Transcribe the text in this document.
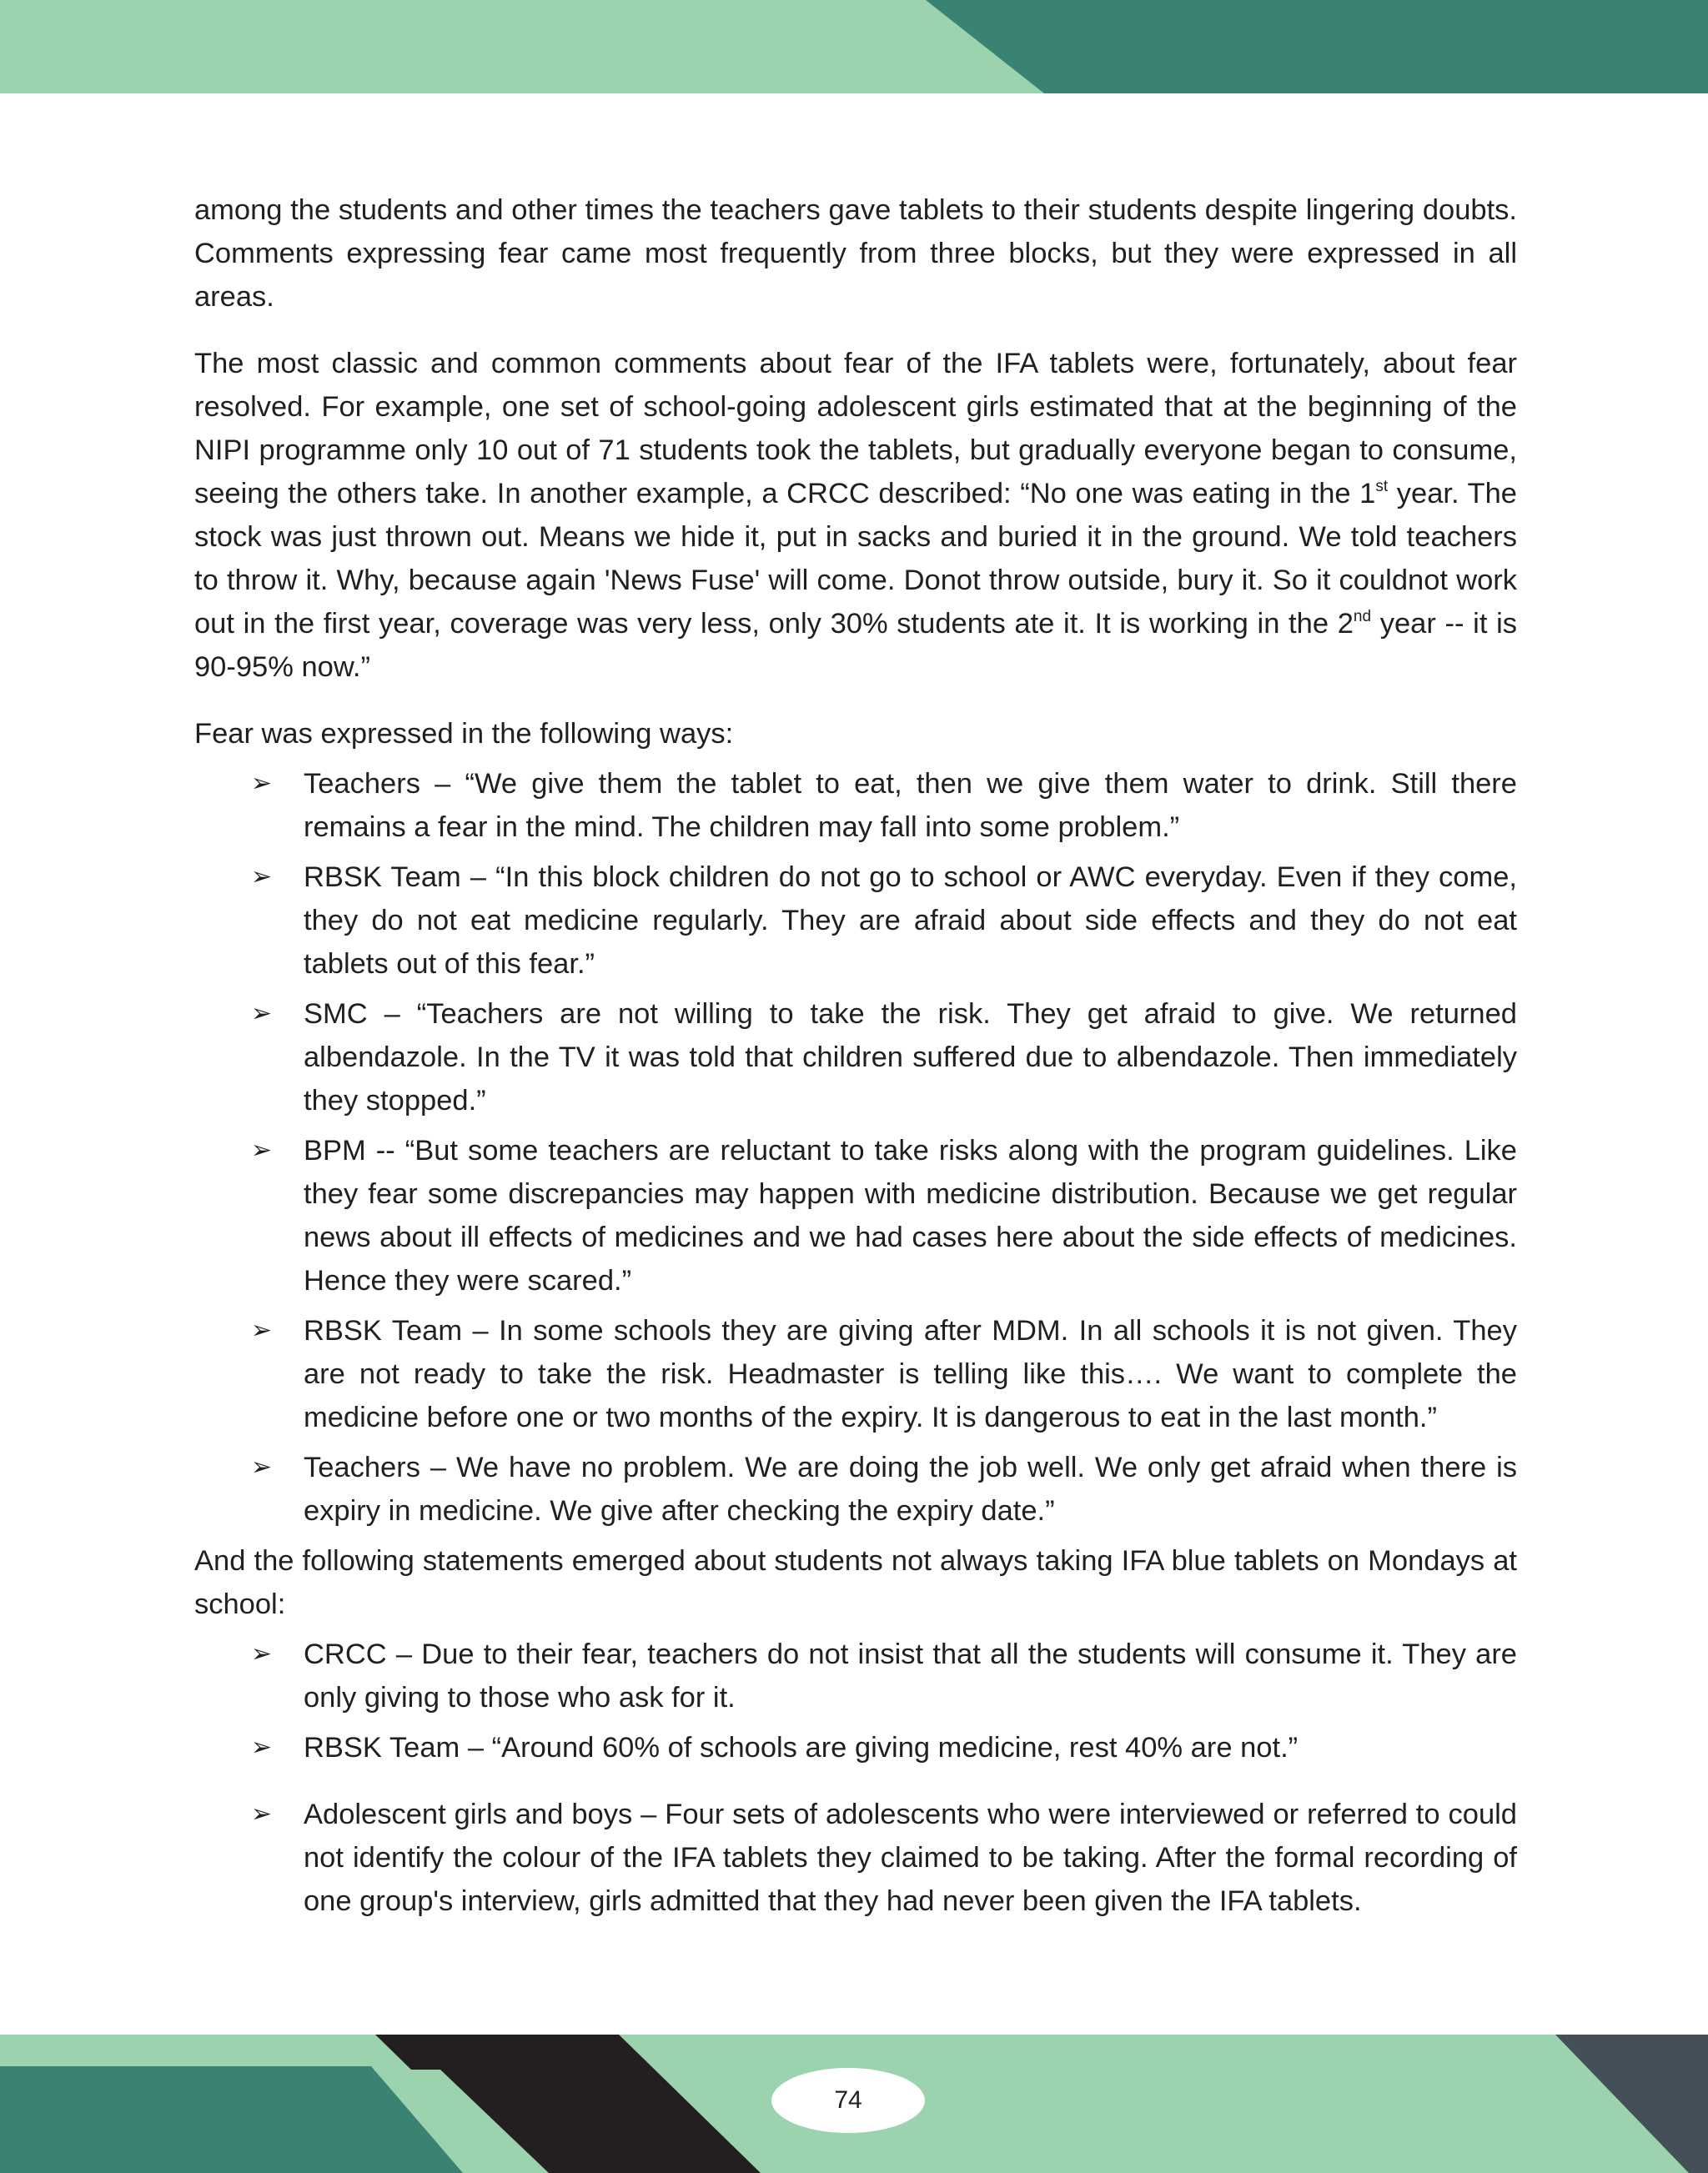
among the students and other times the teachers gave tablets to their students despite lingering doubts. Comments expressing fear came most frequently from three blocks, but they were expressed in all areas.

The most classic and common comments about fear of the IFA tablets were, fortunately, about fear resolved. For example, one set of school-going adolescent girls estimated that at the beginning of the NIPI programme only 10 out of 71 students took the tablets, but gradually everyone began to consume, seeing the others take. In another example, a CRCC described: “No one was eating in the 1st year. The stock was just thrown out. Means we hide it, put in sacks and buried it in the ground. We told teachers to throw it. Why, because again 'News Fuse' will come. Donot throw outside, bury it. So it couldnot work out in the first year, coverage was very less, only 30% students ate it. It is working in the 2nd year -- it is 90-95% now.”

Fear was expressed in the following ways:

➢	Teachers – “We give them the tablet to eat, then we give them water to drink. Still there remains a fear in the mind. The children may fall into some problem.”
➢	RBSK Team – “In this block children do not go to school or AWC everyday. Even if they come, they do not eat medicine regularly. They are afraid about side effects and they do not eat tablets out of this fear.”
➢	SMC – “Teachers are not willing to take the risk. They get afraid to give. We returned albendazole. In the TV it was told that children suffered due to albendazole. Then immediately they stopped.”
➢	BPM -- “But some teachers are reluctant to take risks along with the program guidelines. Like they fear some discrepancies may happen with medicine distribution. Because we get regular news about ill effects of medicines and we had cases here about the side effects of medicines. Hence they were scared.”
➢	RBSK Team – In some schools they are giving after MDM. In all schools it is not given. They are not ready to take the risk. Headmaster is telling like this…. We want to complete the medicine before one or two months of the expiry. It is dangerous to eat in the last month.”
➢	Teachers – We have no problem. We are doing the job well. We only get afraid when there is expiry in medicine. We give after checking the expiry date.”

And the following statements emerged about students not always taking IFA blue tablets on Mondays at school:

➢	CRCC – Due to their fear, teachers do not insist that all the students will consume it. They are only giving to those who ask for it.
➢	RBSK Team – “Around 60% of schools are giving medicine, rest 40% are not.”
➢	Adolescent girls and boys – Four sets of adolescents who were interviewed or referred to could not identify the colour of the IFA tablets they claimed to be taking. After the formal recording of one group's interview, girls admitted that they had never been given the IFA tablets.
74
